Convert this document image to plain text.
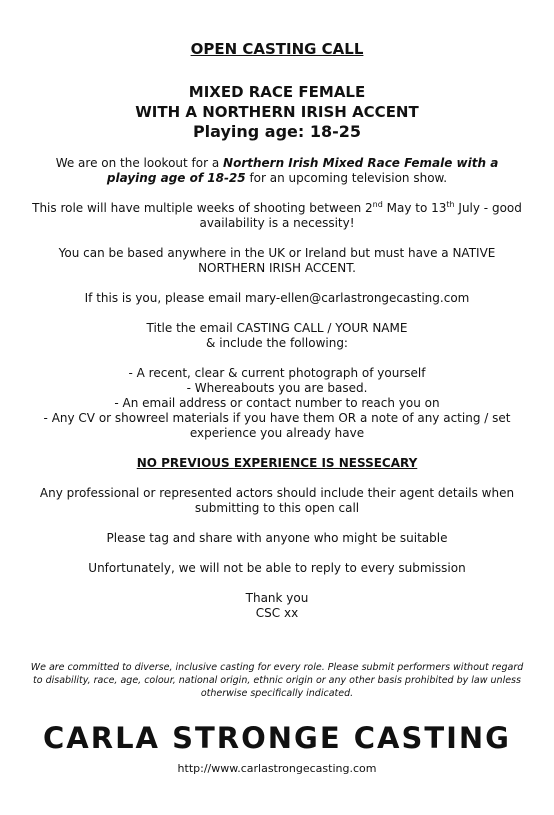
OPEN CASTING CALL
MIXED RACE FEMALE
WITH A NORTHERN IRISH ACCENT
Playing age: 18-25

We are on the lookout for a Northern Irish Mixed Race Female with a playing age of 18-25 for an upcoming television show.

This role will have multiple weeks of shooting between 2nd May to 13th July - good availability is a necessity!

You can be based anywhere in the UK or Ireland but must have a NATIVE NORTHERN IRISH ACCENT.

If this is you, please email mary-ellen@carlastrongecasting.com

Title the email CASTING CALL / YOUR NAME
& include the following:

- A recent, clear & current photograph of yourself
- Whereabouts you are based.
- An email address or contact number to reach you on
- Any CV or showreel materials if you have them OR a note of any acting / set experience you already have

NO PREVIOUS EXPERIENCE IS NESSECARY

Any professional or represented actors should include their agent details when submitting to this open call

Please tag and share with anyone who might be suitable

Unfortunately, we will not be able to reply to every submission

Thank you
CSC xx

We are committed to diverse, inclusive casting for every role. Please submit performers without regard to disability, race, age, colour, national origin, ethnic origin or any other basis prohibited by law unless otherwise specifically indicated.
CARLA STRONGE CASTING
http://www.carlastrongecasting.com
